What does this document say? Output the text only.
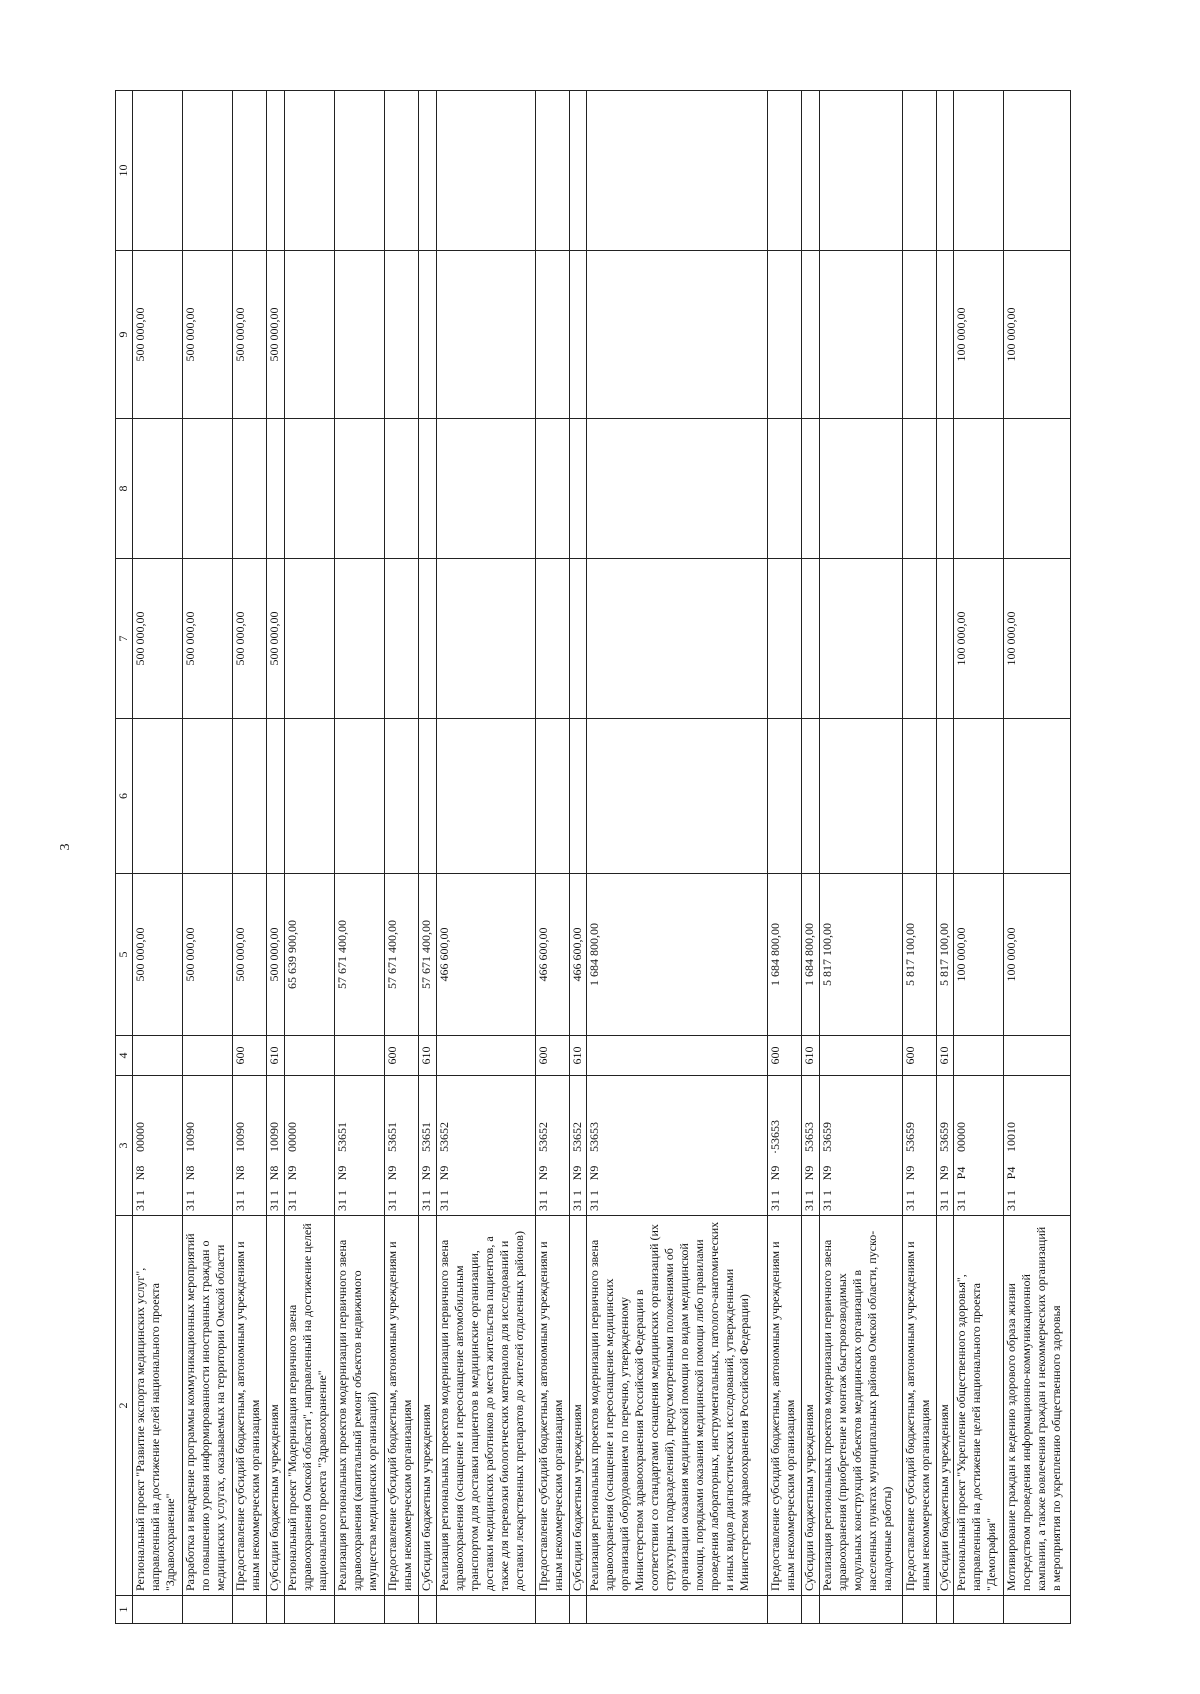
3
1	2	3	4	5	6	7	8	9	10
	Региональный проект "Развитие экспорта медицинских услуг", направленный на достижение целей национального проекта "Здравоохранение"	311N800000		500 000,00		500 000,00		500 000,00	
	Разработка и внедрение программы коммуникационных мероприятий по повышению уровня информированности иностранных граждан о медицинских услугах, оказываемых на территории Омской области	311N810090		500 000,00		500 000,00		500 000,00	
	Предоставление субсидий бюджетным, автономным учреждениям и иным некоммерческим организациям	311N810090	600	500 000,00		500 000,00		500 000,00	
	Субсидии бюджетным учреждениям	311N810090	610	500 000,00		500 000,00		500 000,00	
	Региональный проект "Модернизация первичного звена здравоохранения Омской области", направленный на достижение целей национального проекта "Здравоохранение"	311N900000		65 639 900,00					
	Реализация региональных проектов модернизации первичного звена здравоохранения (капитальный ремонт объектов недвижимого имущества медицинских организаций)	311N953651		57 671 400,00					
	Предоставление субсидий бюджетным, автономным учреждениям и иным некоммерческим организациям	311N953651	600	57 671 400,00					
	Субсидии бюджетным учреждениям	311N953651	610	57 671 400,00					
	Реализация региональных проектов модернизации первичного звена здравоохранения (оснащение и переоснащение автомобильным транспортом для доставки пациентов в медицинские организации, доставки медицинских работников до места жительства пациентов, а также для перевозки биологических материалов для исследований и доставки лекарственных препаратов до жителей отдаленных районов)	311N953652		466 600,00					
	Предоставление субсидий бюджетным, автономным учреждениям и иным некоммерческим организациям	311N953652	600	466 600,00					
	Субсидии бюджетным учреждениям	311N953652	610	466 600,00					
	Реализация региональных проектов модернизации первичного звена здравоохранения (оснащение и переоснащение медицинских организаций оборудованием по перечню, утвержденному Министерством здравоохранения Российской Федерации в соответствии со стандартами оснащения медицинских организаций (их структурных подразделений), предусмотренными положениями об организации оказания медицинской помощи по видам медицинской помощи, порядками оказания медицинской помощи либо правилами проведения лабораторных, инструментальных, патолого-анатомических и иных видов диагностических исследований, утвержденными Министерством здравоохранения Российской Федерации)	311N953653		1 684 800,00					
	Предоставление субсидий бюджетным, автономным учреждениям и иным некоммерческим организациям	311N9·53653	600	1 684 800,00					
	Субсидии бюджетным учреждениям	311N953653	610	1 684 800,00					
	Реализация региональных проектов модернизации первичного звена здравоохранения (приобретение и монтаж быстровозводимых модульных конструкций объектов медицинских организаций в населенных пунктах муниципальных районов Омской области, пуско-наладочные работы)	311N953659		5 817 100,00					
	Предоставление субсидий бюджетным, автономным учреждениям и иным некоммерческим организациям	311N953659	600	5 817 100,00					
	Субсидии бюджетным учреждениям	311N953659	610	5 817 100,00					
	Региональный проект "Укрепление общественного здоровья", направленный на достижение целей национального проекта "Демография"	311P400000		100 000,00		100 000,00		100 000,00	
	Мотивирование граждан к ведению здорового образа жизни посредством проведения информационно-коммуникационной кампании, а также вовлечения граждан и некоммерческих организаций в мероприятия по укреплению общественного здоровья	311P410010		100 000,00		100 000,00		100 000,00	
